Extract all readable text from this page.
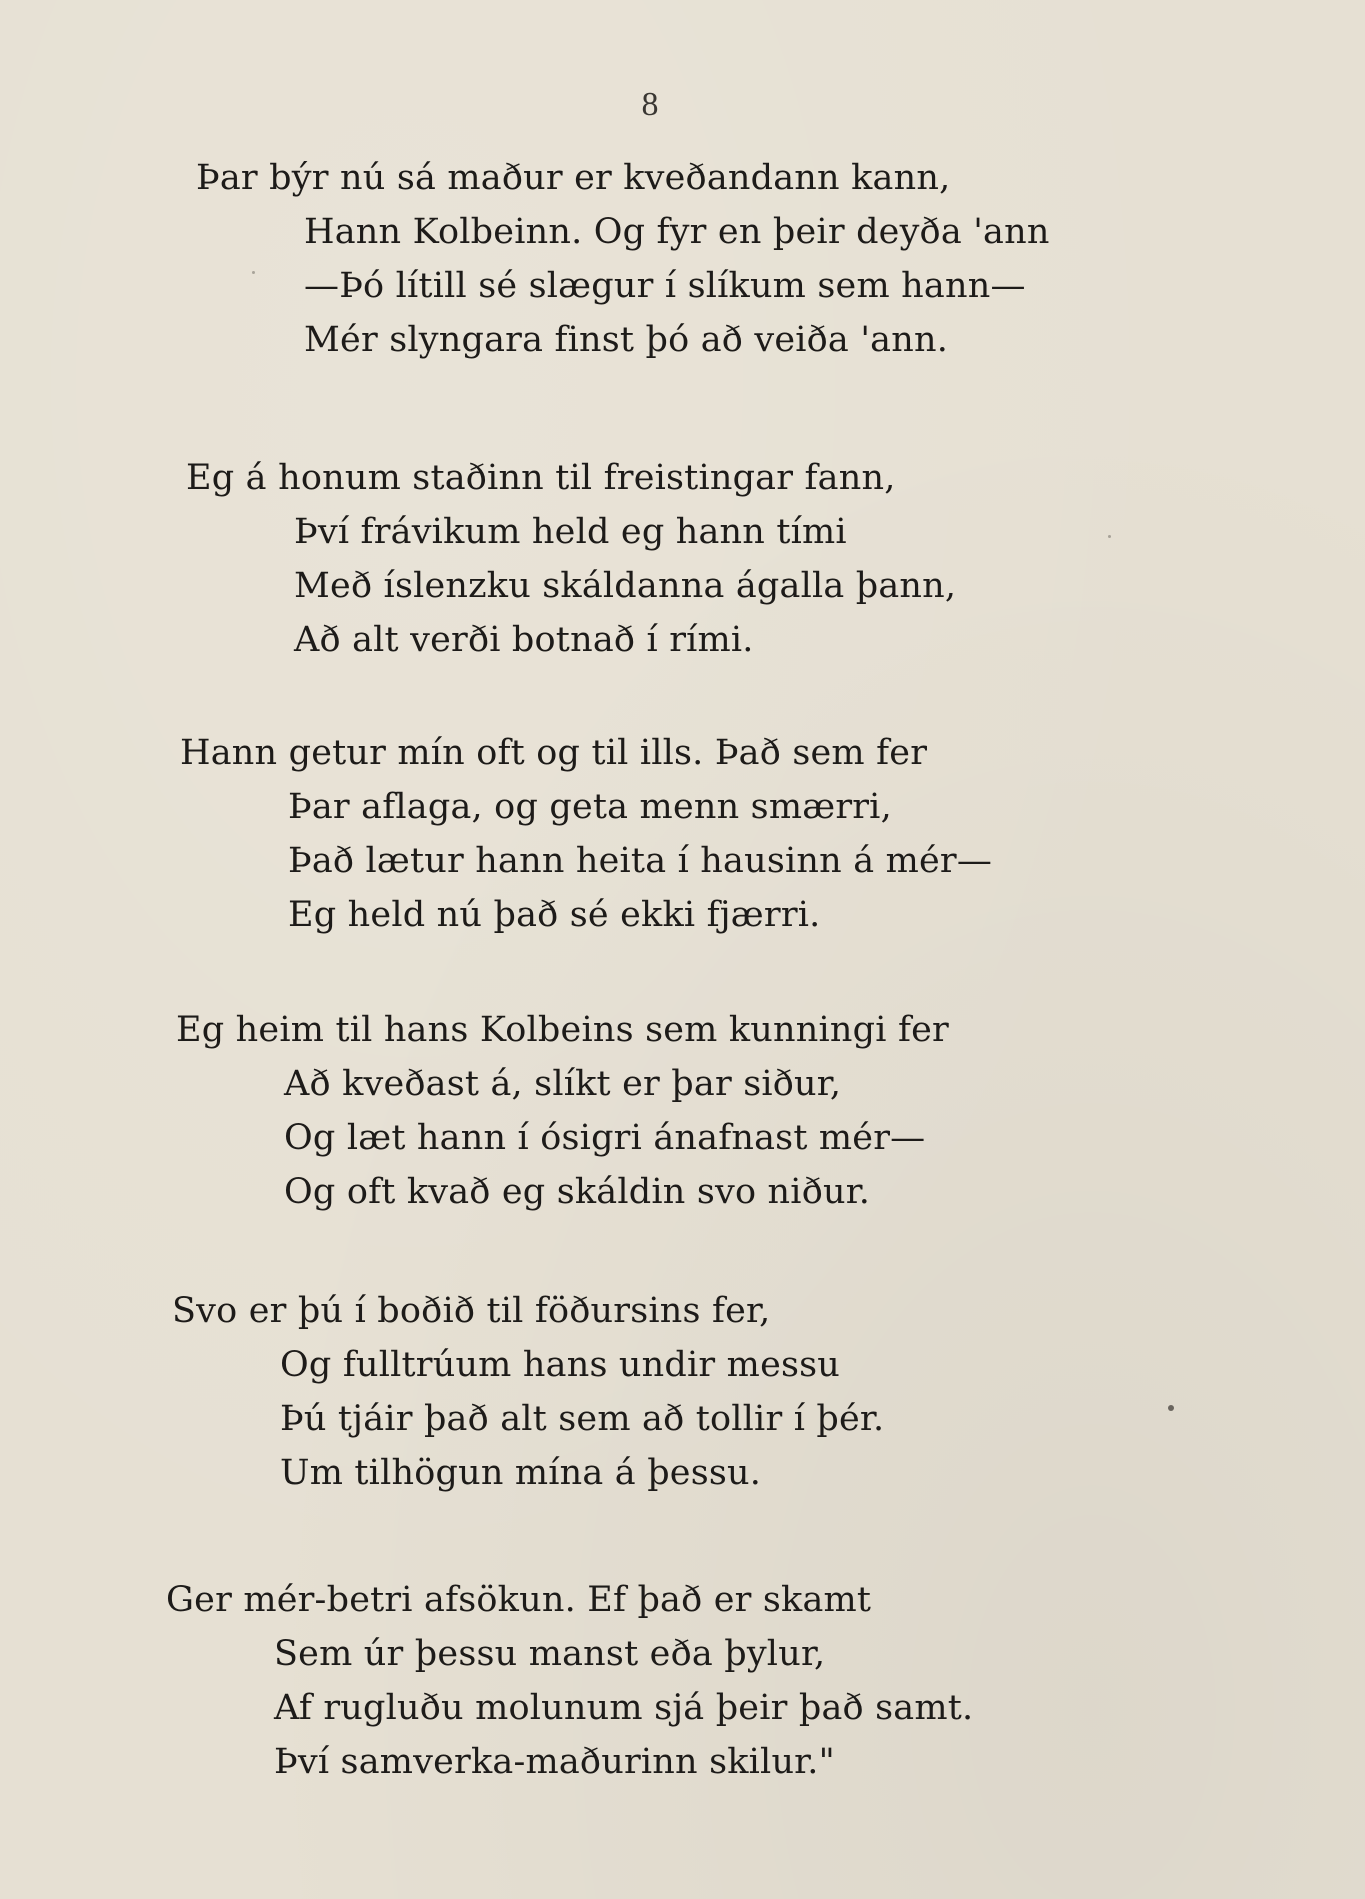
8
Þar býr nú sá maður er kveðandann kann,
Hann Kolbeinn. Og fyr en þeir deyða 'ann
—Þó lítill sé slægur í slíkum sem hann—
Mér slyngara finst þó að veiða 'ann.
Eg á honum staðinn til freistingar fann,
Því frávikum held eg hann tími
Með íslenzku skáldanna ágalla þann,
Að alt verði botnað í rími.
Hann getur mín oft og til ills. Það sem fer
Þar aflaga, og geta menn smærri,
Það lætur hann heita í hausinn á mér—
Eg held nú það sé ekki fjærri.
Eg heim til hans Kolbeins sem kunningi fer
Að kveðast á, slíkt er þar siður,
Og læt hann í ósigri ánafnast mér—
Og oft kvað eg skáldin svo niður.
Svo er þú í boðið til föðursins fer,
Og fulltrúum hans undir messu
Þú tjáir það alt sem að tollir í þér.
Um tilhögun mína á þessu.
Ger mér-betri afsökun. Ef það er skamt
Sem úr þessu manst eða þylur,
Af rugluðu molunum sjá þeir það samt.
Því samverka-maðurinn skilur."
